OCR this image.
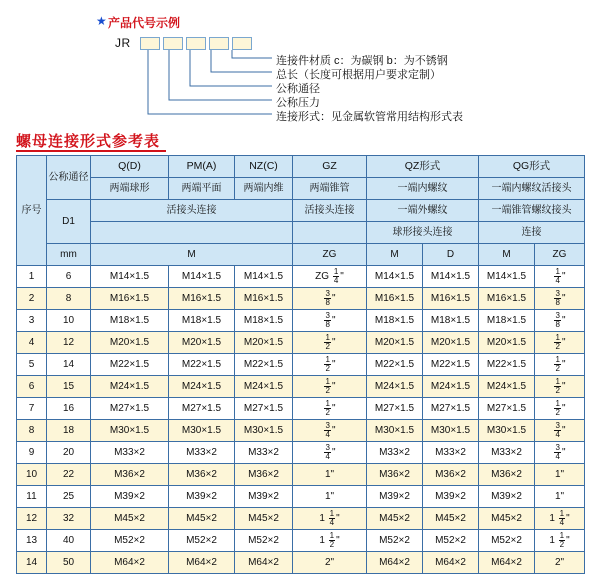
★ 产品代号示例
JR
连接件材质 c：为碳钢 b：为不锈钢
总长（长度可根据用户要求定制）
公称通径
公称压力
连接形式：见金属软管常用结构形式表
螺母连接形式参考表
序号	公称通径	Q(D)	PM(A)	NZ(C)	GZ	QZ形式		QG形式	
		两端球形	两端平面	两端内维	两端锥管	一端内螺纹		一端内螺纹活接头	
	D1	活接头连接			活接头连接	一端外螺纹		一端锥管螺纹接头	
						球形接头连接		连接	
	mm	M			ZG	M	D	M	ZG
1	6	M14×1.5	M14×1.5	M14×1.5	ZG $\frac{1}{4}$ "	M14×1.5	M14×1.5	M14×1.5	$\frac{1}{4}$ "
2	8	M16×1.5	M16×1.5	M16×1.5	$\frac{3}{8}$ "	M16×1.5	M16×1.5	M16×1.5	$\frac{3}{8}$ "
3	10	M18×1.5	M18×1.5	M18×1.5	$\frac{3}{8}$ "	M18×1.5	M18×1.5	M18×1.5	$\frac{3}{8}$ "
4	12	M20×1.5	M20×1.5	M20×1.5	$\frac{1}{2}$ "	M20×1.5	M20×1.5	M20×1.5	$\frac{1}{2}$ "
5	14	M22×1.5	M22×1.5	M22×1.5	$\frac{1}{2}$ "	M22×1.5	M22×1.5	M22×1.5	$\frac{1}{2}$ "
6	15	M24×1.5	M24×1.5	M24×1.5	$\frac{1}{2}$ "	M24×1.5	M24×1.5	M24×1.5	$\frac{1}{2}$ "
7	16	M27×1.5	M27×1.5	M27×1.5	$\frac{1}{2}$ "	M27×1.5	M27×1.5	M27×1.5	$\frac{1}{2}$ "
8	18	M30×1.5	M30×1.5	M30×1.5	$\frac{3}{4}$ "	M30×1.5	M30×1.5	M30×1.5	$\frac{3}{4}$ "
9	20	M33×2	M33×2	M33×2	$\frac{3}{4}$ "	M33×2	M33×2	M33×2	$\frac{3}{4}$ "
10	22	M36×2	M36×2	M36×2	1"	M36×2	M36×2	M36×2	1"
11	25	M39×2	M39×2	M39×2	1"	M39×2	M39×2	M39×2	1"
12	32	M45×2	M45×2	M45×2	$1 \frac{1}{4}$ "	M45×2	M45×2	M45×2	$1 \frac{1}{4}$ "
13	40	M52×2	M52×2	M52×2	$1 \frac{1}{2}$ "	M52×2	M52×2	M52×2	$1 \frac{1}{2}$ "
14	50	M64×2	M64×2	M64×2	2"	M64×2	M64×2	M64×2	2"
